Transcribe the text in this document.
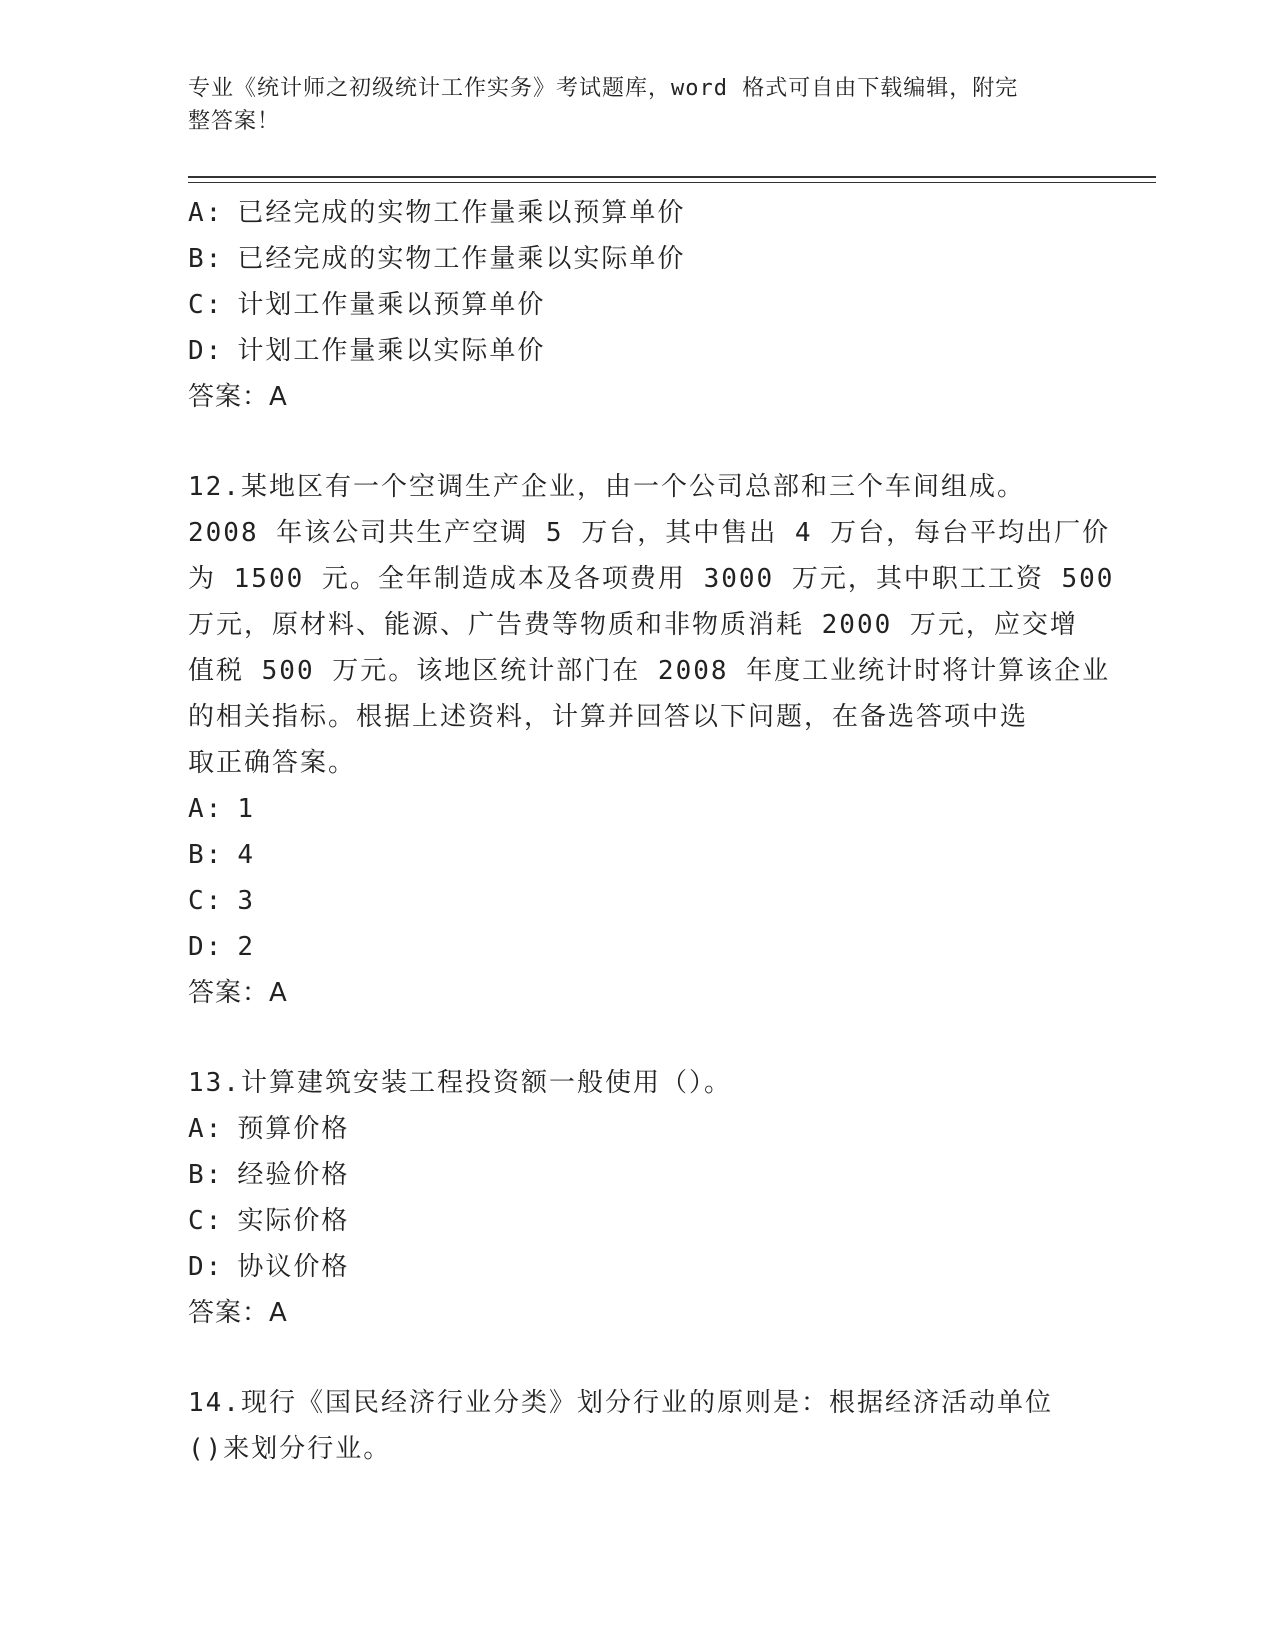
专业《统计师之初级统计工作实务》考试题库，word 格式可自由下载编辑，附完
整答案！
A: 已经完成的实物工作量乘以预算单价
B: 已经完成的实物工作量乘以实际单价
C: 计划工作量乘以预算单价
D: 计划工作量乘以实际单价
答案：A
12.某地区有一个空调生产企业，由一个公司总部和三个车间组成。
2008 年该公司共生产空调 5 万台，其中售出 4 万台，每台平均出厂价
为 1500 元。全年制造成本及各项费用 3000 万元，其中职工工资 500
万元，原材料、能源、广告费等物质和非物质消耗 2000 万元，应交增
值税 500 万元。该地区统计部门在 2008 年度工业统计时将计算该企业
的相关指标。根据上述资料，计算并回答以下问题，在备选答项中选
取正确答案。
A: 1
B: 4
C: 3
D: 2
答案：A
13.计算建筑安装工程投资额一般使用（）。
A: 预算价格
B: 经验价格
C: 实际价格
D: 协议价格
答案：A
14.现行《国民经济行业分类》划分行业的原则是：根据经济活动单位
()来划分行业。
